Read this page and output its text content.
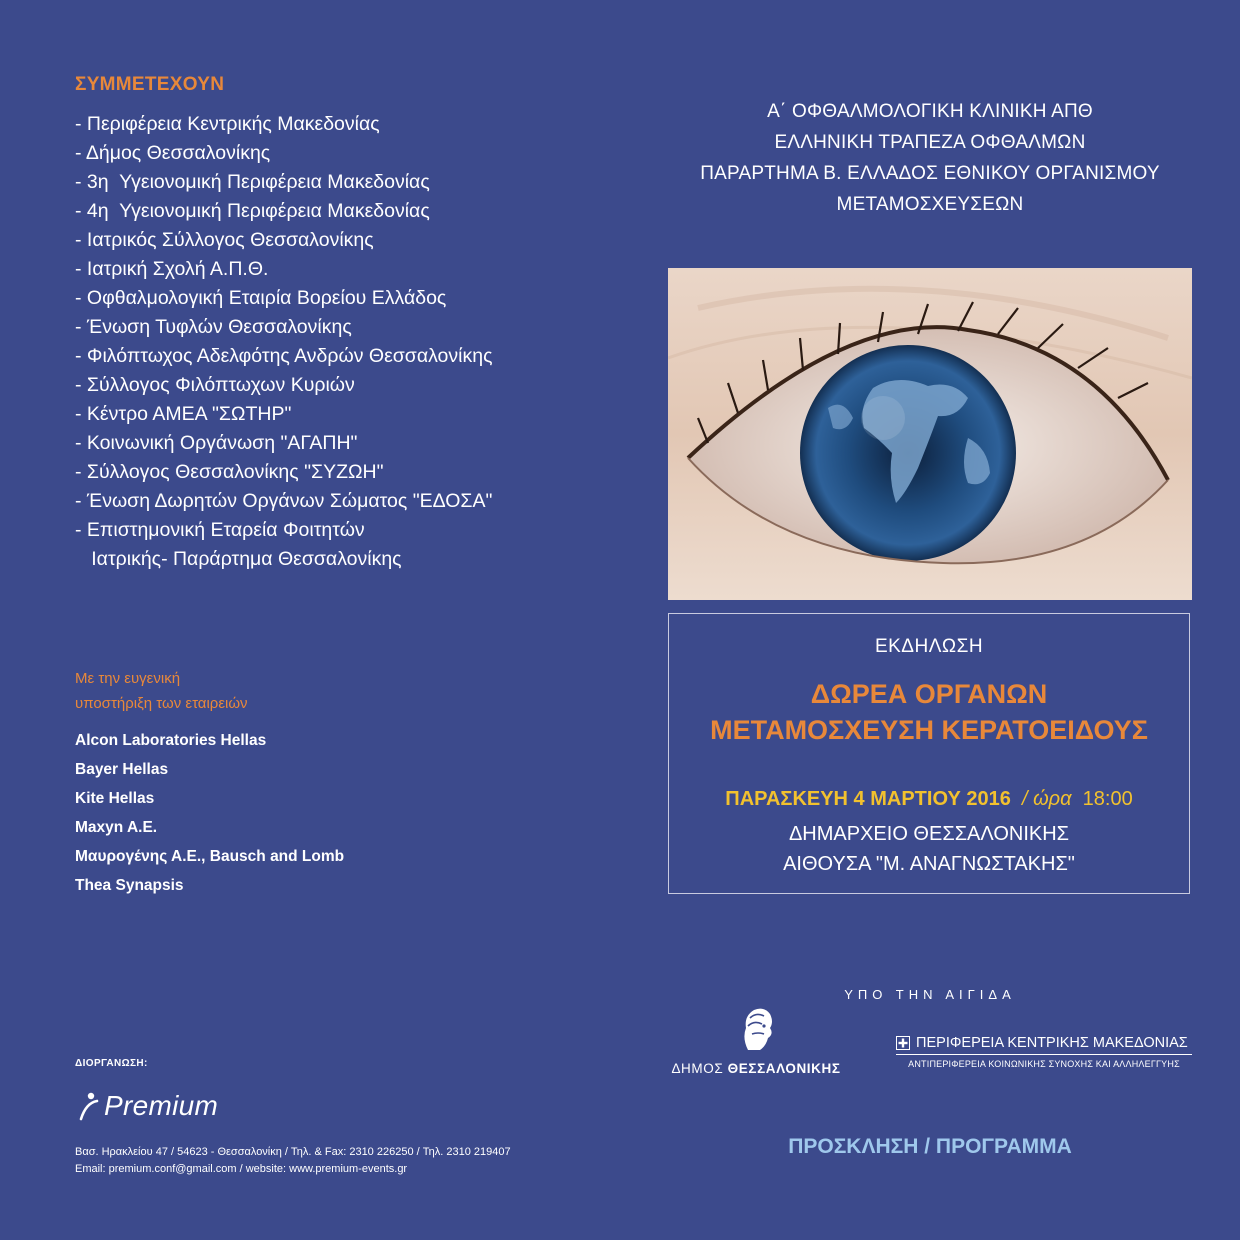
ΣΥΜΜΕΤΕΧΟΥΝ
- Περιφέρεια Κεντρικής Μακεδονίας
- Δήμος Θεσσαλονίκης
- 3η  Υγειονομική Περιφέρεια Μακεδονίας
- 4η  Υγειονομική Περιφέρεια Μακεδονίας
- Ιατρικός Σύλλογος Θεσσαλονίκης
- Ιατρική Σχολή Α.Π.Θ.
- Οφθαλμολογική Εταιρία Βορείου Ελλάδος
- Ένωση Τυφλών Θεσσαλονίκης
- Φιλόπτωχος Αδελφότης Ανδρών Θεσσαλονίκης
- Σύλλογος Φιλόπτωχων Κυριών
- Κέντρο ΑΜΕΑ "ΣΩΤΗΡ"
- Κοινωνική Οργάνωση "ΑΓΑΠΗ"
- Σύλλογος Θεσσαλονίκης "ΣΥΖΩΗ"
- Ένωση Δωρητών Οργάνων Σώματος "ΕΔΟΣΑ"
- Επιστημονική Εταρεία Φοιτητών
Ιατρικής- Παράρτημα Θεσσαλονίκης
Με την ευγενική
υποστήριξη των εταιρειών
Alcon Laboratories Hellas
Bayer Hellas
Kite Hellas
Maxyn A.E.
Μαυρογένης Α.Ε., Bausch and Lomb
Thea Synapsis
ΔΙΟΡΓΑΝΩΣΗ:
Premium
Βασ. Ηρακλείου 47 / 54623 - Θεσσαλονίκη / Τηλ. & Fax: 2310 226250 / Τηλ. 2310 219407
Email: premium.conf@gmail.com / website: www.premium-events.gr
Α΄ ΟΦΘΑΛΜΟΛΟΓΙΚΗ ΚΛΙΝΙΚΗ ΑΠΘ
ΕΛΛΗΝΙΚΗ ΤΡΑΠΕΖΑ ΟΦΘΑΛΜΩΝ
ΠΑΡΑΡΤΗΜΑ Β. ΕΛΛΑΔΟΣ ΕΘΝΙΚΟΥ ΟΡΓΑΝΙΣΜΟΥ
ΜΕΤΑΜΟΣΧΕΥΣΕΩΝ
ΕΚΔΗΛΩΣΗ
ΔΩΡΕΑ ΟΡΓΑΝΩΝ
ΜΕΤΑΜΟΣΧΕΥΣΗ ΚΕΡΑΤΟΕΙΔΟΥΣ
ΠΑΡΑΣΚΕΥΗ 4 ΜΑΡΤΙΟΥ 2016 / ώρα 18:00
ΔΗΜΑΡΧΕΙΟ ΘΕΣΣΑΛΟΝΙΚΗΣ
ΑΙΘΟΥΣΑ "Μ. ΑΝΑΓΝΩΣΤΑΚΗΣ"
ΥΠΟ ΤΗΝ ΑΙΓΙΔΑ
ΔΗΜΟΣ ΘΕΣΣΑΛΟΝΙΚΗΣ
ΠΕΡΙΦΕΡΕΙΑ ΚΕΝΤΡΙΚΗΣ ΜΑΚΕΔΟΝΙΑΣ
ΑΝΤΙΠΕΡΙΦΕΡΕΙΑ ΚΟΙΝΩΝΙΚΗΣ ΣΥΝΟΧΗΣ ΚΑΙ ΑΛΛΗΛΕΓΓΥΗΣ
ΠΡΟΣΚΛΗΣΗ / ΠΡΟΓΡΑΜΜΑ
